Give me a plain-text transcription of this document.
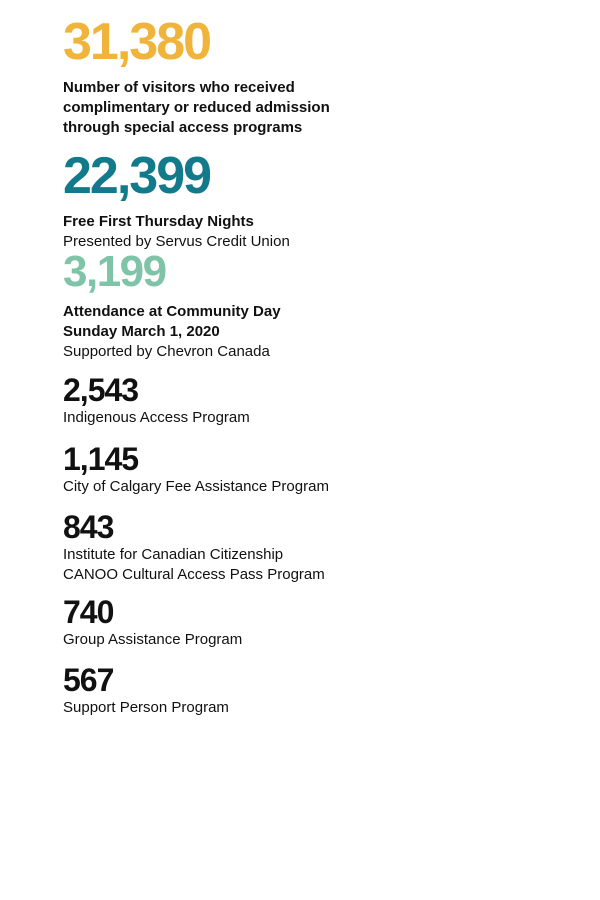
31,380

Number of visitors who received

complimentary or reduced admission

through special access programs

22,399

Free First Thursday Nights

Presented by Servus Credit Union

3,199

Attendance at Community Day

Sunday March 1, 2020

Supported by Chevron Canada

2,543

Indigenous Access Program

1,145

City of Calgary Fee Assistance Program

843

Institute for Canadian Citizenship

CANOO Cultural Access Pass Program

740

Group Assistance Program

567

Support Person Program
